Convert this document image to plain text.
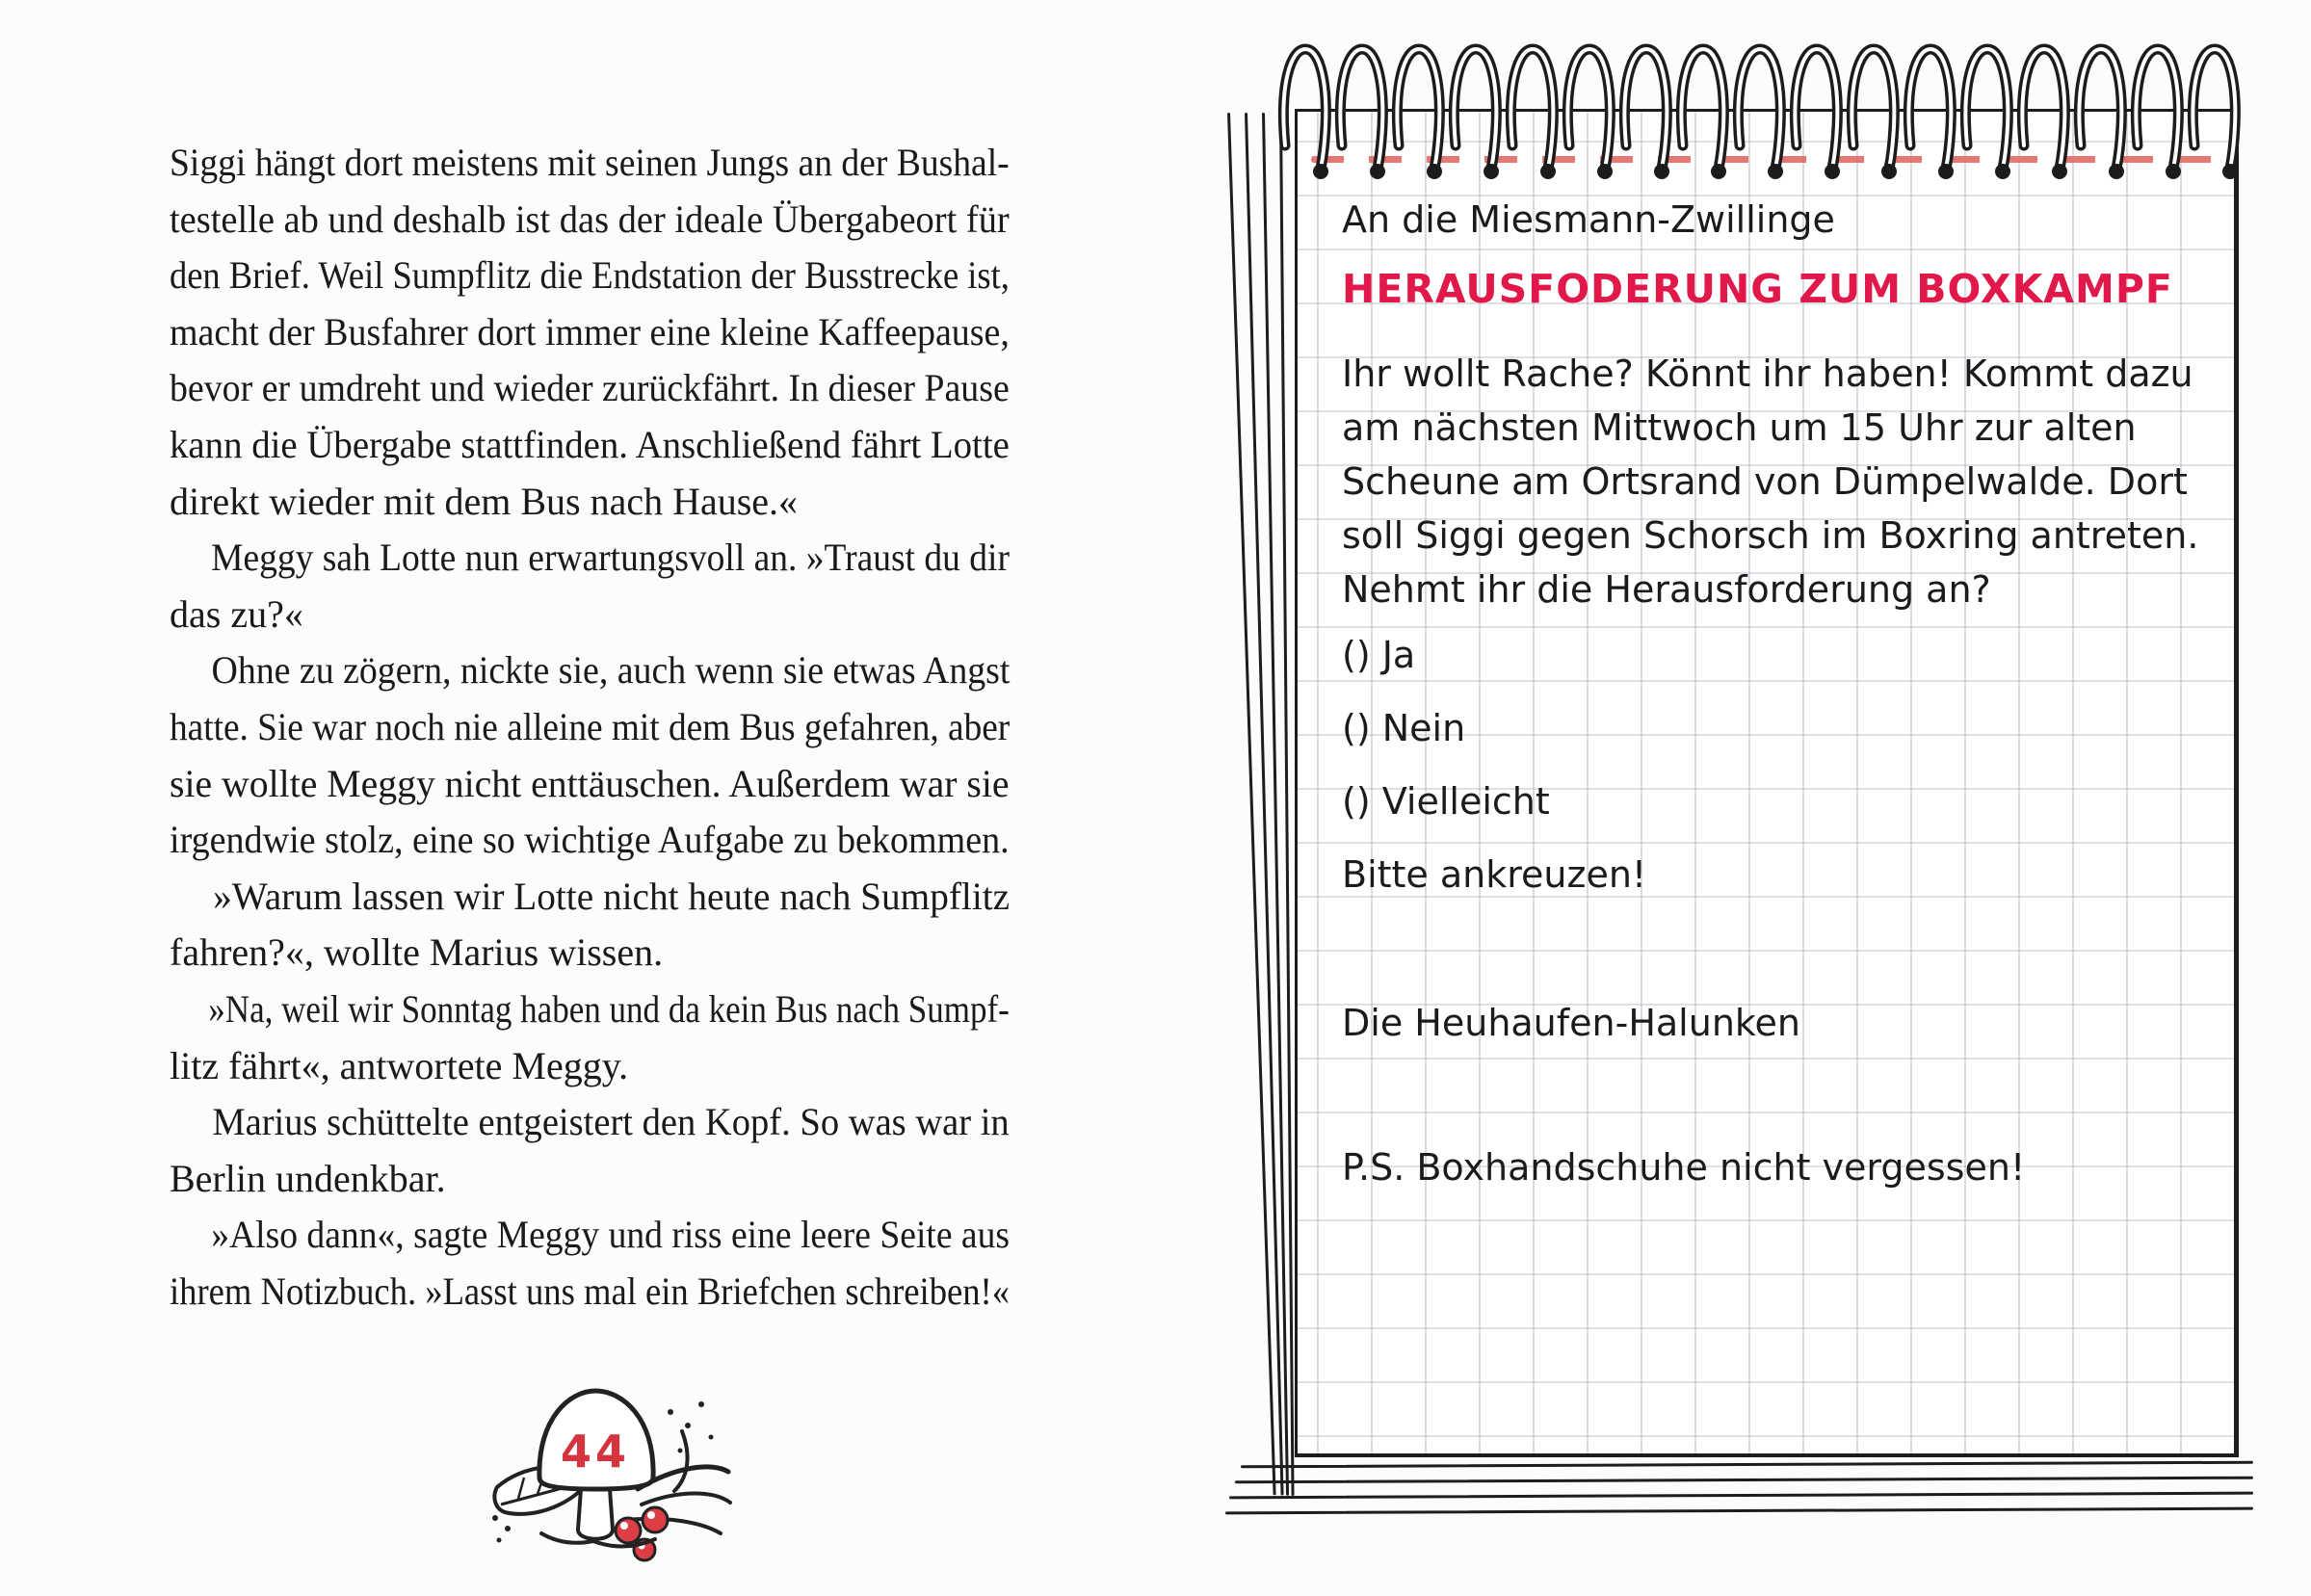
Siggi hängt dort meistens mit seinen Jungs an der Bushal-
testelle ab und deshalb ist das der ideale Übergabeort für
den Brief. Weil Sumpflitz die Endstation der Busstrecke ist,
macht der Busfahrer dort immer eine kleine Kaffeepause,
bevor er umdreht und wieder zurückfährt. In dieser Pause
kann die Übergabe stattfinden. Anschließend fährt Lotte
direkt wieder mit dem Bus nach Hause.«
Meggy sah Lotte nun erwartungsvoll an. »Traust du dir
das zu?«
Ohne zu zögern, nickte sie, auch wenn sie etwas Angst
hatte. Sie war noch nie alleine mit dem Bus gefahren, aber
sie wollte Meggy nicht enttäuschen. Außerdem war sie
irgendwie stolz, eine so wichtige Aufgabe zu bekommen.
»Warum lassen wir Lotte nicht heute nach Sumpflitz
fahren?«, wollte Marius wissen.
»Na, weil wir Sonntag haben und da kein Bus nach Sumpf-
litz fährt«, antwortete Meggy.
Marius schüttelte entgeistert den Kopf. So was war in
Berlin undenkbar.
»Also dann«, sagte Meggy und riss eine leere Seite aus
ihrem Notizbuch. »Lasst uns mal ein Briefchen schreiben!«
44
An die Miesmann-Zwillinge
HERAUSFODERUNG ZUM BOXKAMPF
Ihr wollt Rache? Könnt ihr haben! Kommt dazu
am nächsten Mittwoch um 15 Uhr zur alten
Scheune am Ortsrand von Dümpelwalde. Dort
soll Siggi gegen Schorsch im Boxring antreten.
Nehmt ihr die Herausforderung an?
() Ja
() Nein
() Vielleicht
Bitte ankreuzen!
Die Heuhaufen-Halunken
P.S. Boxhandschuhe nicht vergessen!
